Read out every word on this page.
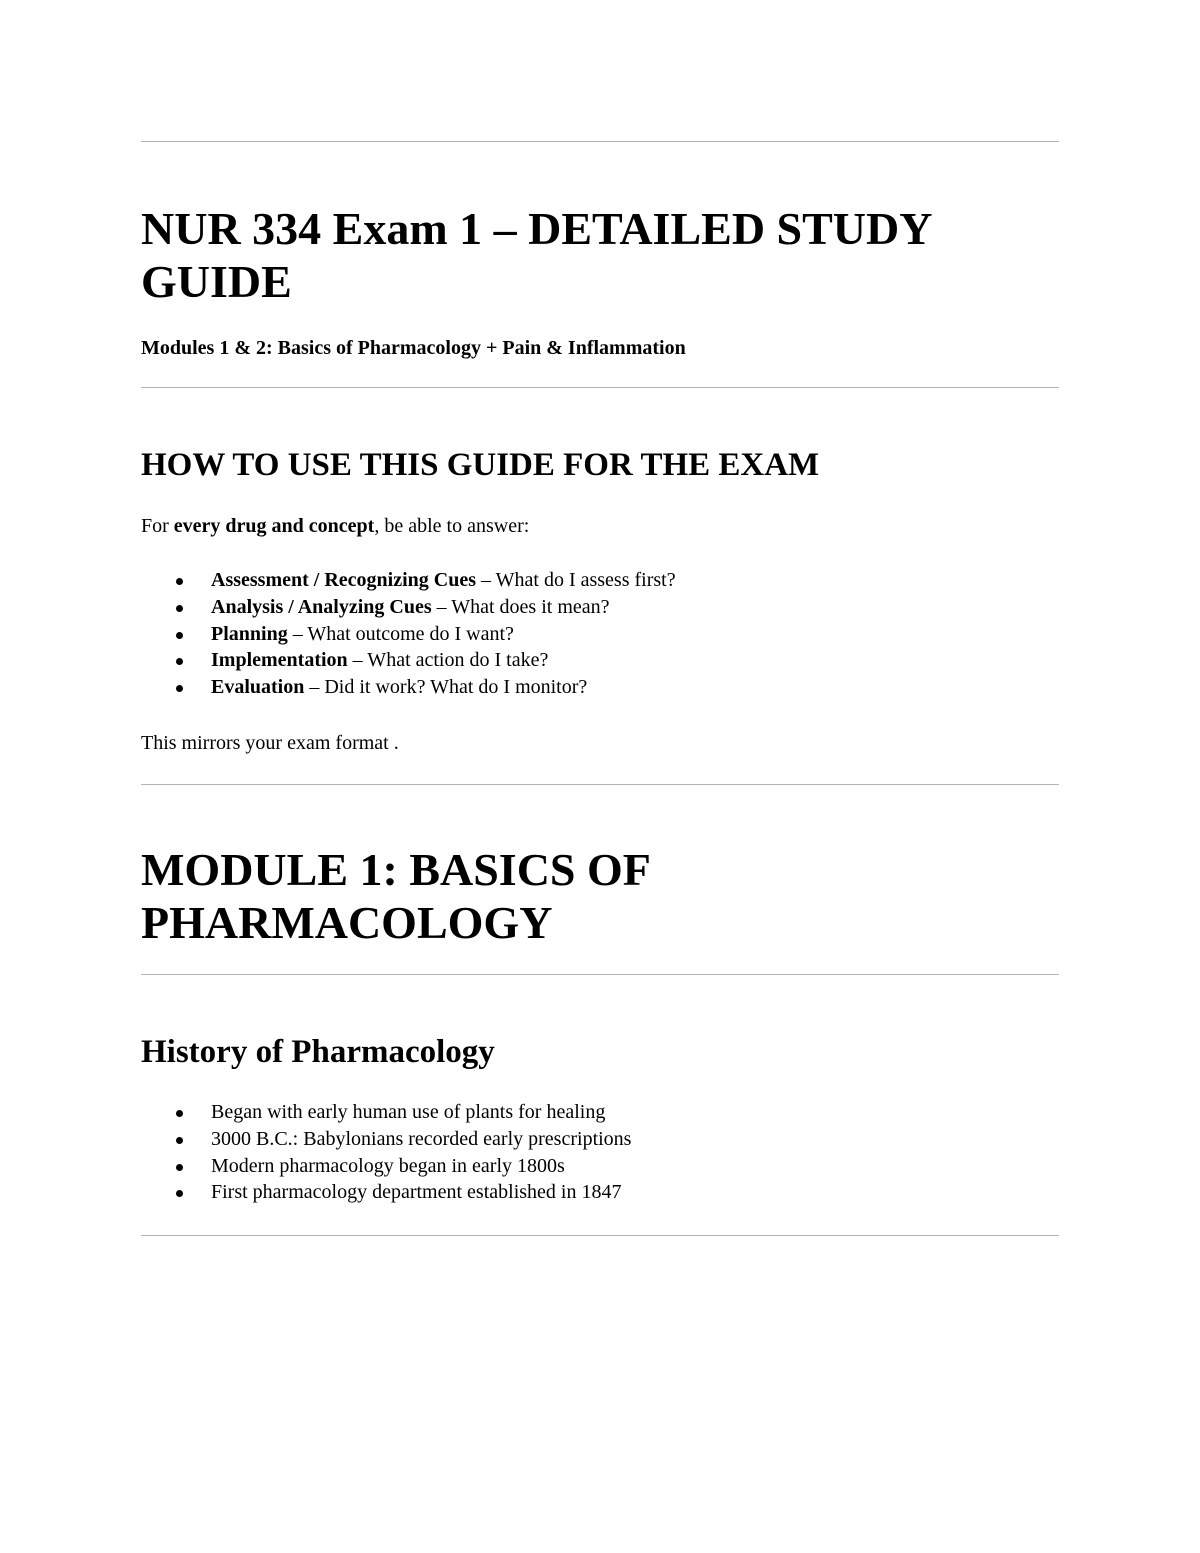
NUR 334 Exam 1 – DETAILED STUDY GUIDE

Modules 1 & 2: Basics of Pharmacology + Pain & Inflammation

HOW TO USE THIS GUIDE FOR THE EXAM

For every drug and concept, be able to answer:

Assessment / Recognizing Cues – What do I assess first?
Analysis / Analyzing Cues – What does it mean?
Planning – What outcome do I want?
Implementation – What action do I take?
Evaluation – Did it work? What do I monitor?

This mirrors your exam format .

MODULE 1: BASICS OF PHARMACOLOGY
History of Pharmacology
Began with early human use of plants for healing
3000 B.C.: Babylonians recorded early prescriptions
Modern pharmacology began in early 1800s
First pharmacology department established in 1847
